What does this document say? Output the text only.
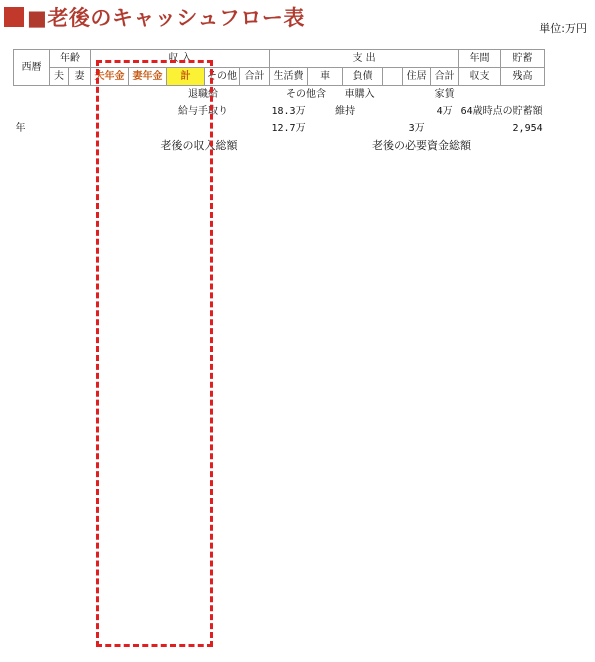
■老後のキャッシュフロー表	単位:万円
西暦	年齢		収 入					支 出						年間	貯蓄
	夫	妻	夫年金	妻年金	計	その他	合計	生活費	車	負債		住居	合計	収支	残高
					退職給			その他含		車購入			家賃		
					給与手取り			18.3万	維持				4万	64歳時点の貯蓄額	
年								12.7万				3万			2,954
				老後の収入総額						老後の必要資金総額					
